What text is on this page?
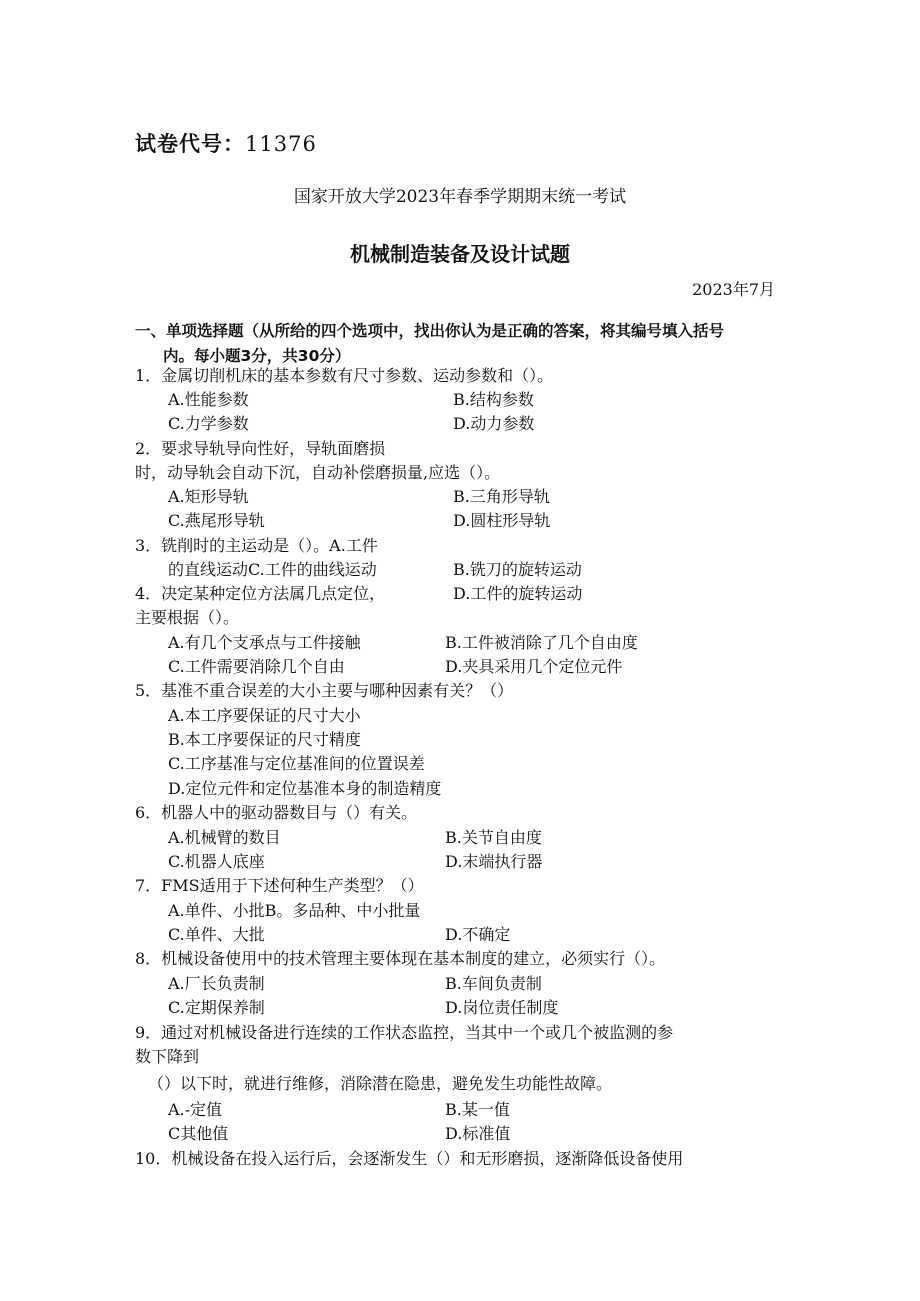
试卷代号：11376
国家开放大学2023年春季学期期末统一考试
机械制造装备及设计试题
2023年7月
一、单项选择题（从所给的四个选项中，找出你认为是正确的答案，将其编号填入括号
内。每小题3分，共30分）
1．金属切削机床的基本参数有尺寸参数、运动参数和（）。
A.性能参数	B.结构参数
C.力学参数	D.动力参数
2．要求导轨导向性好，导轨面磨损
时，动导轨会自动下沉，自动补偿磨损量,应选（）。
A.矩形导轨	B.三角形导轨
C.燕尾形导轨	D.圆柱形导轨
3．铣削时的主运动是（）。A.工件
的直线运动C.工件的曲线运动	B.铣刀的旋转运动
4．决定某种定位方法属几点定位，	D.工件的旋转运动
主要根据（）。
A.有几个支承点与工件接触	B.工件被消除了几个自由度
C.工件需要消除几个自由	D.夹具采用几个定位元件
5．基准不重合误差的大小主要与哪种因素有关？（）
A.本工序要保证的尺寸大小
B.本工序要保证的尺寸精度
C.工序基准与定位基准间的位置误差
D.定位元件和定位基准本身的制造精度
6．机器人中的驱动器数目与（）有关。
A.机械臂的数目	B.关节自由度
C.机器人底座	D.末端执行器
7．FMS适用于下述何种生产类型？（）
A.单件、小批B。多品种、中小批量
C.单件、大批	D.不确定
8．机械设备使用中的技术管理主要体现在基本制度的建立，必须实行（）。
A.厂长负责制	B.车间负责制
C.定期保养制	D.岗位责任制度
9．通过对机械设备进行连续的工作状态监控，当其中一个或几个被监测的参
数下降到
（）以下时，就进行维修，消除潜在隐患，避免发生功能性故障。
A.-定值	B.某一值
C其他值	D.标准值
10．机械设备在投入运行后，会逐渐发生（）和无形磨损，逐渐降低设备使用
